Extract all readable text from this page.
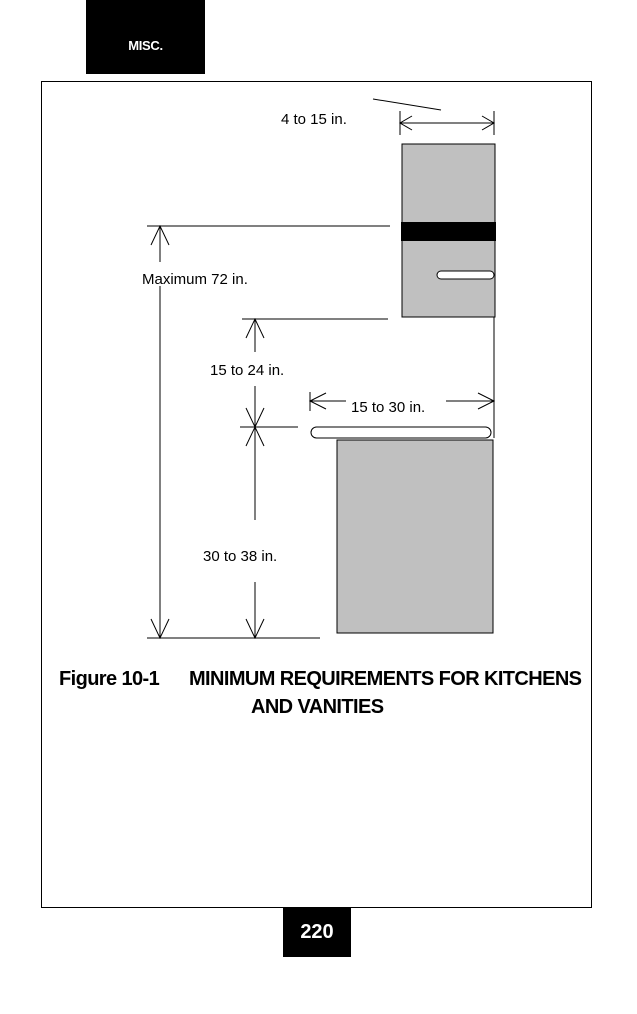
MISC.
4 to 15 in.
Maximum 72 in.
15 to 24 in.
15 to 30 in.
30 to 38 in.
Figure 10-1 MINIMUM REQUIREMENTS FOR KITCHENS
AND VANITIES
220
